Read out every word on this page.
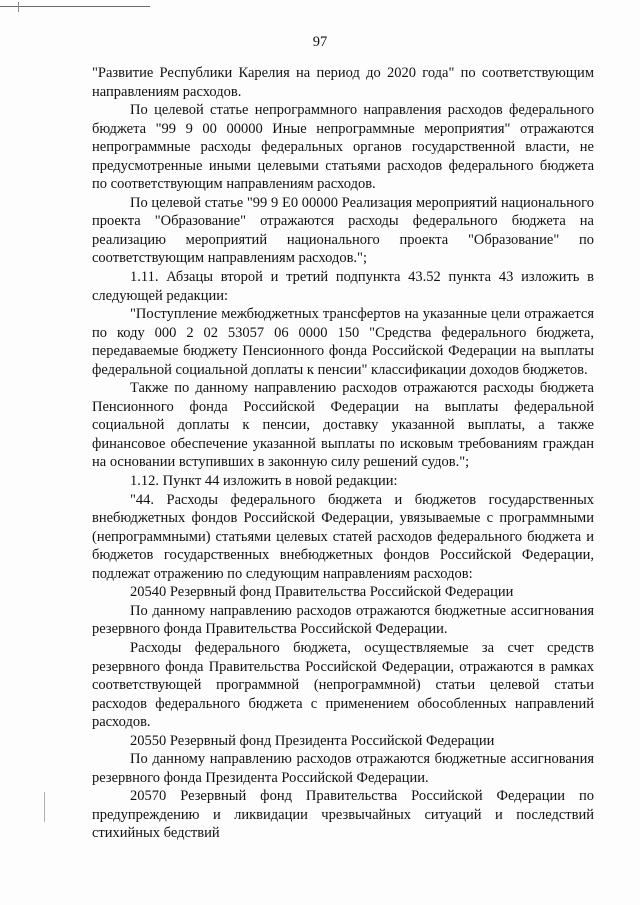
97

"Развитие Республики Карелия на период до 2020 года" по соответствующим направлениям расходов.

По целевой статье непрограммного направления расходов федерального бюджета "99 9 00 00000 Иные непрограммные мероприятия" отражаются непрограммные расходы федеральных органов государственной власти, не предусмотренные иными целевыми статьями расходов федерального бюджета по соответствующим направлениям расходов.

По целевой статье "99 9 Е0 00000 Реализация мероприятий национального проекта "Образование" отражаются расходы федерального бюджета на реализацию мероприятий национального проекта "Образование" по соответствующим направлениям расходов.";

1.11. Абзацы второй и третий подпункта 43.52 пункта 43 изложить в следующей редакции:

"Поступление межбюджетных трансфертов на указанные цели отражается по коду 000 2 02 53057 06 0000 150 "Средства федерального бюджета, передаваемые бюджету Пенсионного фонда Российской Федерации на выплаты федеральной социальной доплаты к пенсии" классификации доходов бюджетов.

Также по данному направлению расходов отражаются расходы бюджета Пенсионного фонда Российской Федерации на выплаты федеральной социальной доплаты к пенсии, доставку указанной выплаты, а также финансовое обеспечение указанной выплаты по исковым требованиям граждан на основании вступивших в законную силу решений судов.";

1.12. Пункт 44 изложить в новой редакции:

"44. Расходы федерального бюджета и бюджетов государственных внебюджетных фондов Российской Федерации, увязываемые с программными (непрограммными) статьями целевых статей расходов федерального бюджета и бюджетов государственных внебюджетных фондов Российской Федерации, подлежат отражению по следующим направлениям расходов:

20540 Резервный фонд Правительства Российской Федерации

По данному направлению расходов отражаются бюджетные ассигнования резервного фонда Правительства Российской Федерации.

Расходы федерального бюджета, осуществляемые за счет средств резервного фонда Правительства Российской Федерации, отражаются в рамках соответствующей программной (непрограммной) статьи целевой статьи расходов федерального бюджета с применением обособленных направлений расходов.

20550 Резервный фонд Президента Российской Федерации

По данному направлению расходов отражаются бюджетные ассигнования резервного фонда Президента Российской Федерации.

20570 Резервный фонд Правительства Российской Федерации по предупреждению и ликвидации чрезвычайных ситуаций и последствий стихийных бедствий
